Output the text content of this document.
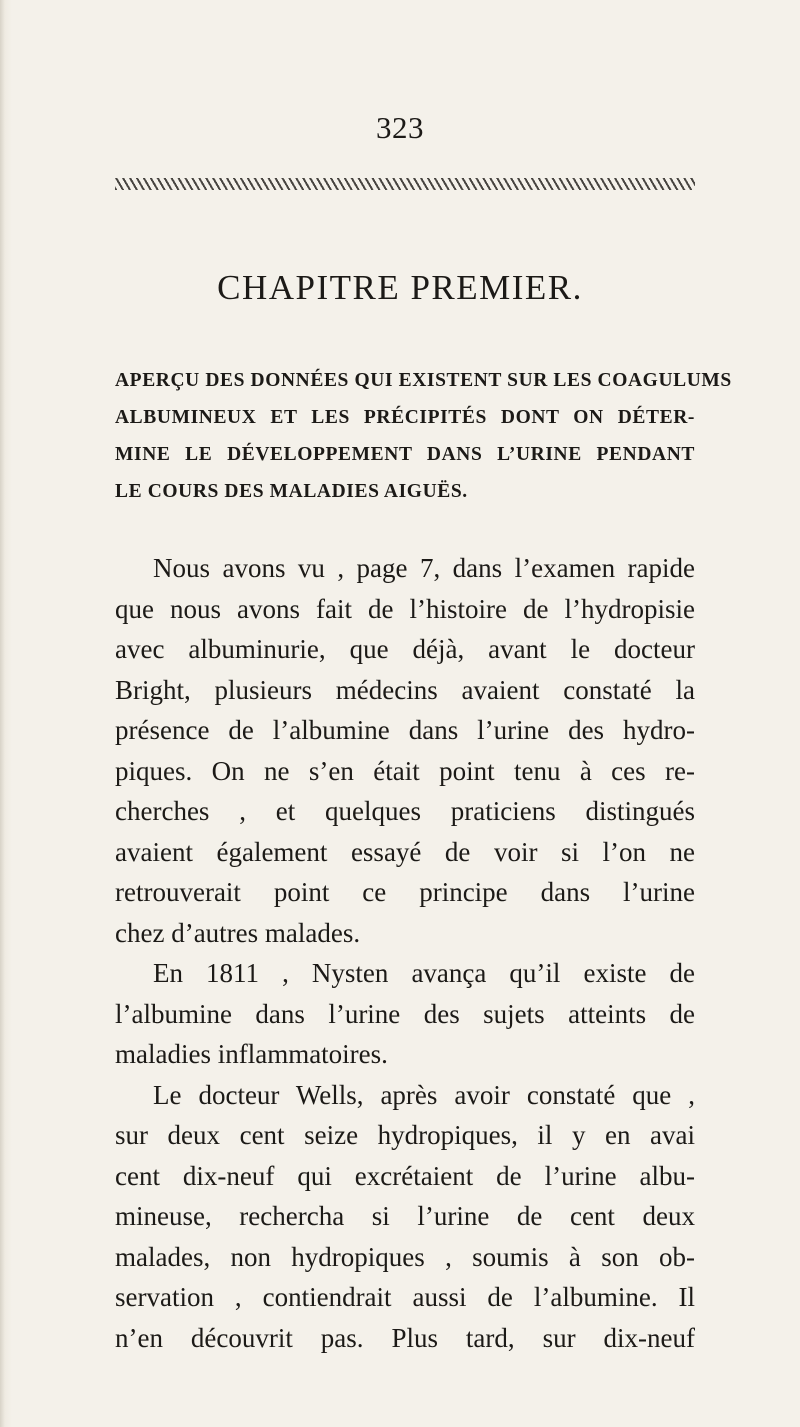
323
CHAPITRE PREMIER.
APERÇU DES DONNÉES QUI EXISTENT SUR LES COAGULUMS
ALBUMINEUX ET LES PRÉCIPITÉS DONT ON DÉTER-
MINE LE DÉVELOPPEMENT DANS L’URINE PENDANT
LE COURS DES MALADIES AIGUËS.
Nous avons vu , page 7, dans l’examen rapide
que nous avons fait de l’histoire de l’hydropisie
avec albuminurie, que déjà, avant le docteur
Bright, plusieurs médecins avaient constaté la
présence de l’albumine dans l’urine des hydro-
piques. On ne s’en était point tenu à ces re-
cherches , et quelques praticiens distingués
avaient également essayé de voir si l’on ne
retrouverait point ce principe dans l’urine
chez d’autres malades.
En 1811 , Nysten avança qu’il existe de
l’albumine dans l’urine des sujets atteints de
maladies inflammatoires.
Le docteur Wells, après avoir constaté que ,
sur deux cent seize hydropiques, il y en avai
cent dix-neuf qui excrétaient de l’urine albu-
mineuse, rechercha si l’urine de cent deux
malades, non hydropiques , soumis à son ob-
servation , contiendrait aussi de l’albumine. Il
n’en découvrit pas. Plus tard, sur dix-neuf
